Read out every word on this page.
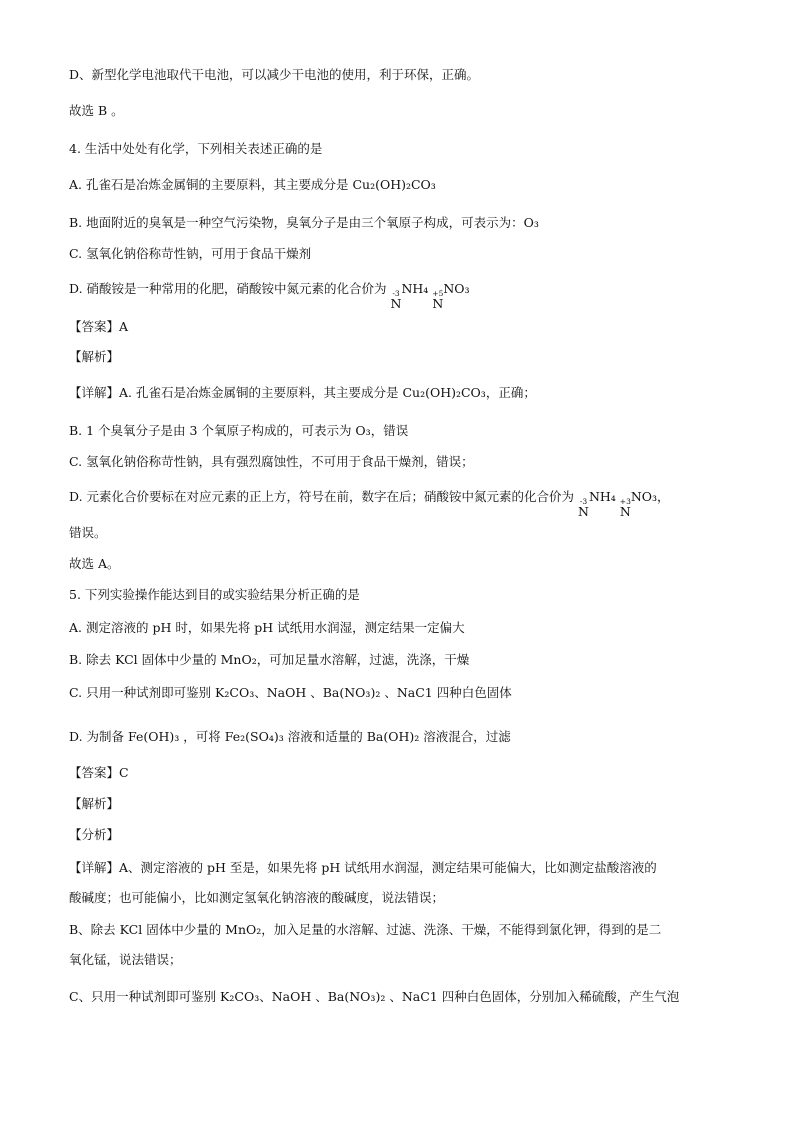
D、新型化学电池取代干电池，可以减少干电池的使用，利于环保，正确。
故选 B 。
4. 生活中处处有化学，下列相关表述正确的是
A. 孔雀石是冶炼金属铜的主要原料，其主要成分是 Cu₂(OH)₂CO₃
B. 地面附近的臭氧是一种空气污染物，臭氧分子是由三个氧原子构成，可表示为：O₃
C. 氢氧化钠俗称苛性钠，可用于食品干燥剂
D. 硝酸铵是一种常用的化肥，硝酸铵中氮元素的化合价为 -3
N
NH₄ +5
N
NO₃
【答案】A
【解析】
【详解】A. 孔雀石是冶炼金属铜的主要原料，其主要成分是 Cu₂(OH)₂CO₃，正确；
B. 1 个臭氧分子是由 3 个氧原子构成的，可表示为 O₃，错误
C. 氢氧化钠俗称苛性钠，具有强烈腐蚀性，不可用于食品干燥剂，错误；
D. 元素化合价要标在对应元素的正上方，符号在前，数字在后；硝酸铵中氮元素的化合价为 -3
N
NH₄ +3
N
NO₃，
错误。
故选 A。
5. 下列实验操作能达到目的或实验结果分析正确的是
A. 测定溶液的 pH 时，如果先将 pH 试纸用水润湿，测定结果一定偏大
B. 除去 KCl 固体中少量的 MnO₂，可加足量水溶解，过滤，洗涤，干燥
C. 只用一种试剂即可鉴别 K₂CO₃、NaOH 、Ba(NO₃)₂ 、NaC1 四种白色固体
D. 为制备 Fe(OH)₃ ，可将 Fe₂(SO₄)₃ 溶液和适量的 Ba(OH)₂ 溶液混合，过滤
【答案】C
【解析】
【分析】
【详解】A、测定溶液的 pH 至是，如果先将 pH 试纸用水润湿，测定结果可能偏大，比如测定盐酸溶液的
酸碱度；也可能偏小，比如测定氢氧化钠溶液的酸碱度，说法错误；
B、除去 KCl 固体中少量的 MnO₂，加入足量的水溶解、过滤、洗涤、干燥，不能得到氯化钾，得到的是二
氧化锰，说法错误；
C、只用一种试剂即可鉴别 K₂CO₃、NaOH 、Ba(NO₃)₂ 、NaC1 四种白色固体，分别加入稀硫酸，产生气泡
